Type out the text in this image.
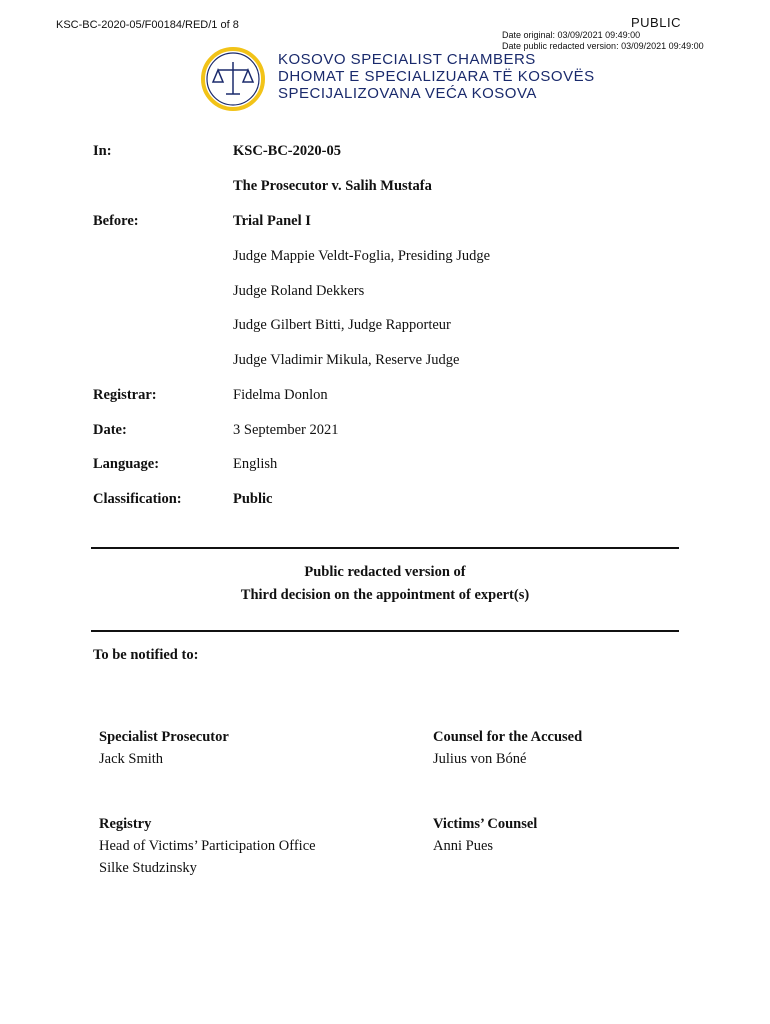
KSC-BC-2020-05/F00184/RED/1 of 8	PUBLIC
Date original: 03/09/2021 09:49:00
Date public redacted version: 03/09/2021 09:49:00
KOSOVO SPECIALIST CHAMBERS
DHOMAT E SPECIALIZUARA TË KOSOVËS
SPECIJALIZOVANA VEĆA KOSOVA
In:	KSC-BC-2020-05
The Prosecutor v. Salih Mustafa
Before:	Trial Panel I
Judge Mappie Veldt-Foglia, Presiding Judge
Judge Roland Dekkers
Judge Gilbert Bitti, Judge Rapporteur
Judge Vladimir Mikula, Reserve Judge
Registrar:	Fidelma Donlon
Date:	3 September 2021
Language:	English
Classification:	Public
Public redacted version of
Third decision on the appointment of expert(s)
To be notified to:
Specialist Prosecutor
Jack Smith
Counsel for the Accused
Julius von Bóné
Registry
Head of Victims’ Participation Office
Silke Studzinsky
Victims’ Counsel
Anni Pues
